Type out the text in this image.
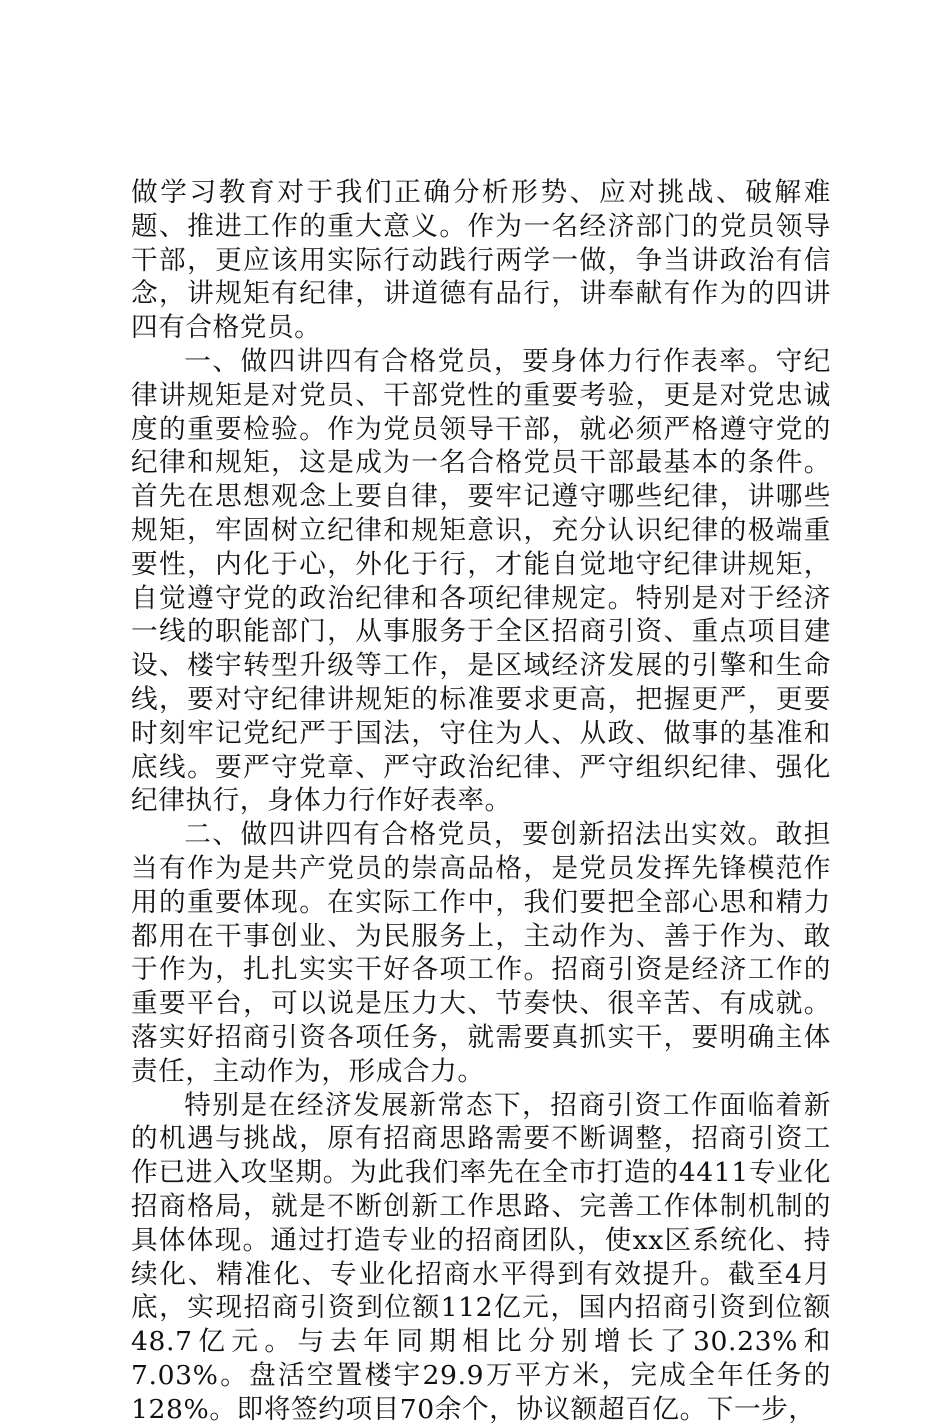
做学习教育对于我们正确分析形势、应对挑战、破解难题、推进工作的重大意义。作为一名经济部门的党员领导干部，更应该用实际行动践行两学一做，争当讲政治有信念，讲规矩有纪律，讲道德有品行，讲奉献有作为的四讲四有合格党员。

一、做四讲四有合格党员，要身体力行作表率。守纪律讲规矩是对党员、干部党性的重要考验，更是对党忠诚度的重要检验。作为党员领导干部，就必须严格遵守党的纪律和规矩，这是成为一名合格党员干部最基本的条件。首先在思想观念上要自律，要牢记遵守哪些纪律，讲哪些规矩，牢固树立纪律和规矩意识，充分认识纪律的极端重要性，内化于心，外化于行，才能自觉地守纪律讲规矩，自觉遵守党的政治纪律和各项纪律规定。特别是对于经济一线的职能部门，从事服务于全区招商引资、重点项目建设、楼宇转型升级等工作，是区域经济发展的引擎和生命线，要对守纪律讲规矩的标准要求更高，把握更严，更要时刻牢记党纪严于国法，守住为人、从政、做事的基准和底线。要严守党章、严守政治纪律、严守组织纪律、强化纪律执行，身体力行作好表率。

二、做四讲四有合格党员，要创新招法出实效。敢担当有作为是共产党员的崇高品格，是党员发挥先锋模范作用的重要体现。在实际工作中，我们要把全部心思和精力都用在干事创业、为民服务上，主动作为、善于作为、敢于作为，扎扎实实干好各项工作。招商引资是经济工作的重要平台，可以说是压力大、节奏快、很辛苦、有成就。落实好招商引资各项任务，就需要真抓实干，要明确主体责任，主动作为，形成合力。

特别是在经济发展新常态下，招商引资工作面临着新的机遇与挑战，原有招商思路需要不断调整，招商引资工作已进入攻坚期。为此我们率先在全市打造的4411专业化招商格局，就是不断创新工作思路、完善工作体制机制的具体体现。通过打造专业的招商团队，使xx区系统化、持续化、精准化、专业化招商水平得到有效提升。截至4月底，实现招商引资到位额112亿元，国内招商引资到位额48.7亿元。与去年同期相比分别增长了30.23%和7.03%。盘活空置楼宇29.9万平方米，完成全年任务的128%。即将签约项目70余个，协议额超百亿。下一步，
